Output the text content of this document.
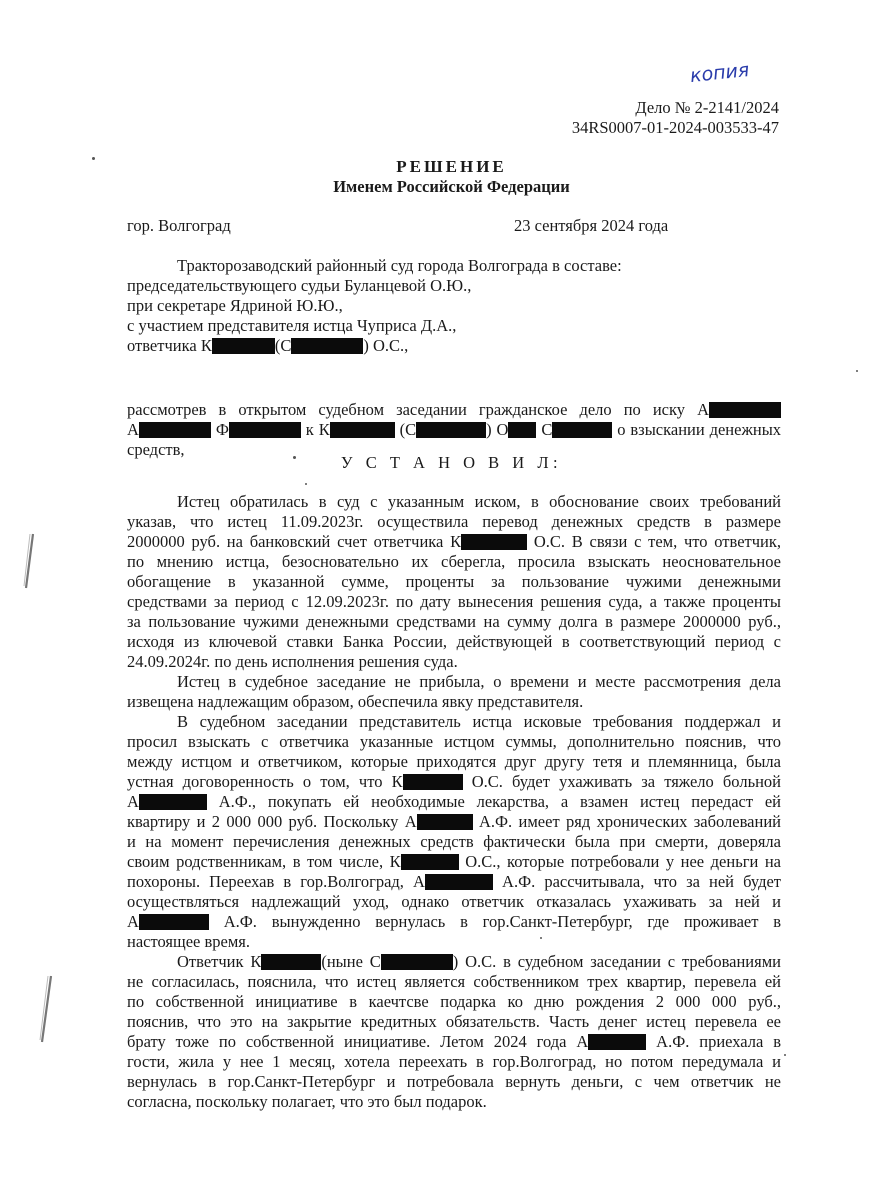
копия
Дело № 2-2141/2024
34RS0007-01-2024-003533-47
РЕШЕНИЕ
Именем Российской Федерации
гор. Волгоград	23 сентября 2024 года
Тракторозаводский районный суд города Волгограда в составе:
председательствующего судьи Буланцевой О.Ю.,
при секретаре Ядриной Ю.Ю.,
с участием представителя истца Чуприса Д.А.,
ответчика К	(С	) О.С.,
рассмотрев в открытом судебном заседании гражданское дело по иску А
А	Ф	к К	(С	) О С	о взыскании денежных
средств,
У С Т А Н О В И Л:
Истец обратилась в суд с указанным иском, в обоснование своих требований
указав, что истец 11.09.2023г. осуществила перевод денежных средств в размере
2000000 руб. на банковский счет ответчика К	О.С. В связи с тем, что ответчик,
по мнению истца, безосновательно их сберегла, просила взыскать неосновательное
обогащение в указанной сумме, проценты за пользование чужими денежными
средствами за период с 12.09.2023г. по дату вынесения решения суда, а также проценты
за пользование чужими денежными средствами на сумму долга в размере 2000000 руб.,
исходя из ключевой ставки Банка России, действующей в соответствующий период с
24.09.2024г. по день исполнения решения суда.
Истец в судебное заседание не прибыла, о времени и месте рассмотрения дела
извещена надлежащим образом, обеспечила явку представителя.
В судебном заседании представитель истца исковые требования поддержал и
просил взыскать с ответчика указанные истцом суммы, дополнительно пояснив, что
между истцом и ответчиком, которые приходятся друг другу тетя и племянница, была
устная договоренность о том, что К	О.С. будет ухаживать за тяжело больной
А	А.Ф., покупать ей необходимые лекарства, а взамен истец передаст ей
квартиру и 2 000 000 руб. Поскольку А	А.Ф. имеет ряд хронических заболеваний
и на момент перечисления денежных средств фактически была при смерти, доверяла
своим родственникам, в том числе, К	О.С., которые потребовали у нее деньги на
похороны. Переехав в гор.Волгоград, А	А.Ф. рассчитывала, что за ней будет
осуществляться надлежащий уход, однако ответчик отказалась ухаживать за ней и
А	А.Ф. вынужденно вернулась в гор.Санкт-Петербург, где проживает в
настоящее время.
Ответчик К	(ныне С	) О.С. в судебном заседании с требованиями
не согласилась, пояснила, что истец является собственником трех квартир, перевела ей
по собственной инициативе в каечтсве подарка ко дню рождения 2 000 000 руб.,
пояснив, что это на закрытие кредитных обязательств. Часть денег истец перевела ее
брату тоже по собственной инициативе. Летом 2024 года А	А.Ф. приехала в
гости, жила у нее 1 месяц, хотела переехать в гор.Волгоград, но потом передумала и
вернулась в гор.Санкт-Петербург и потребовала вернуть деньги, с чем ответчик не
согласна, поскольку полагает, что это был подарок.
